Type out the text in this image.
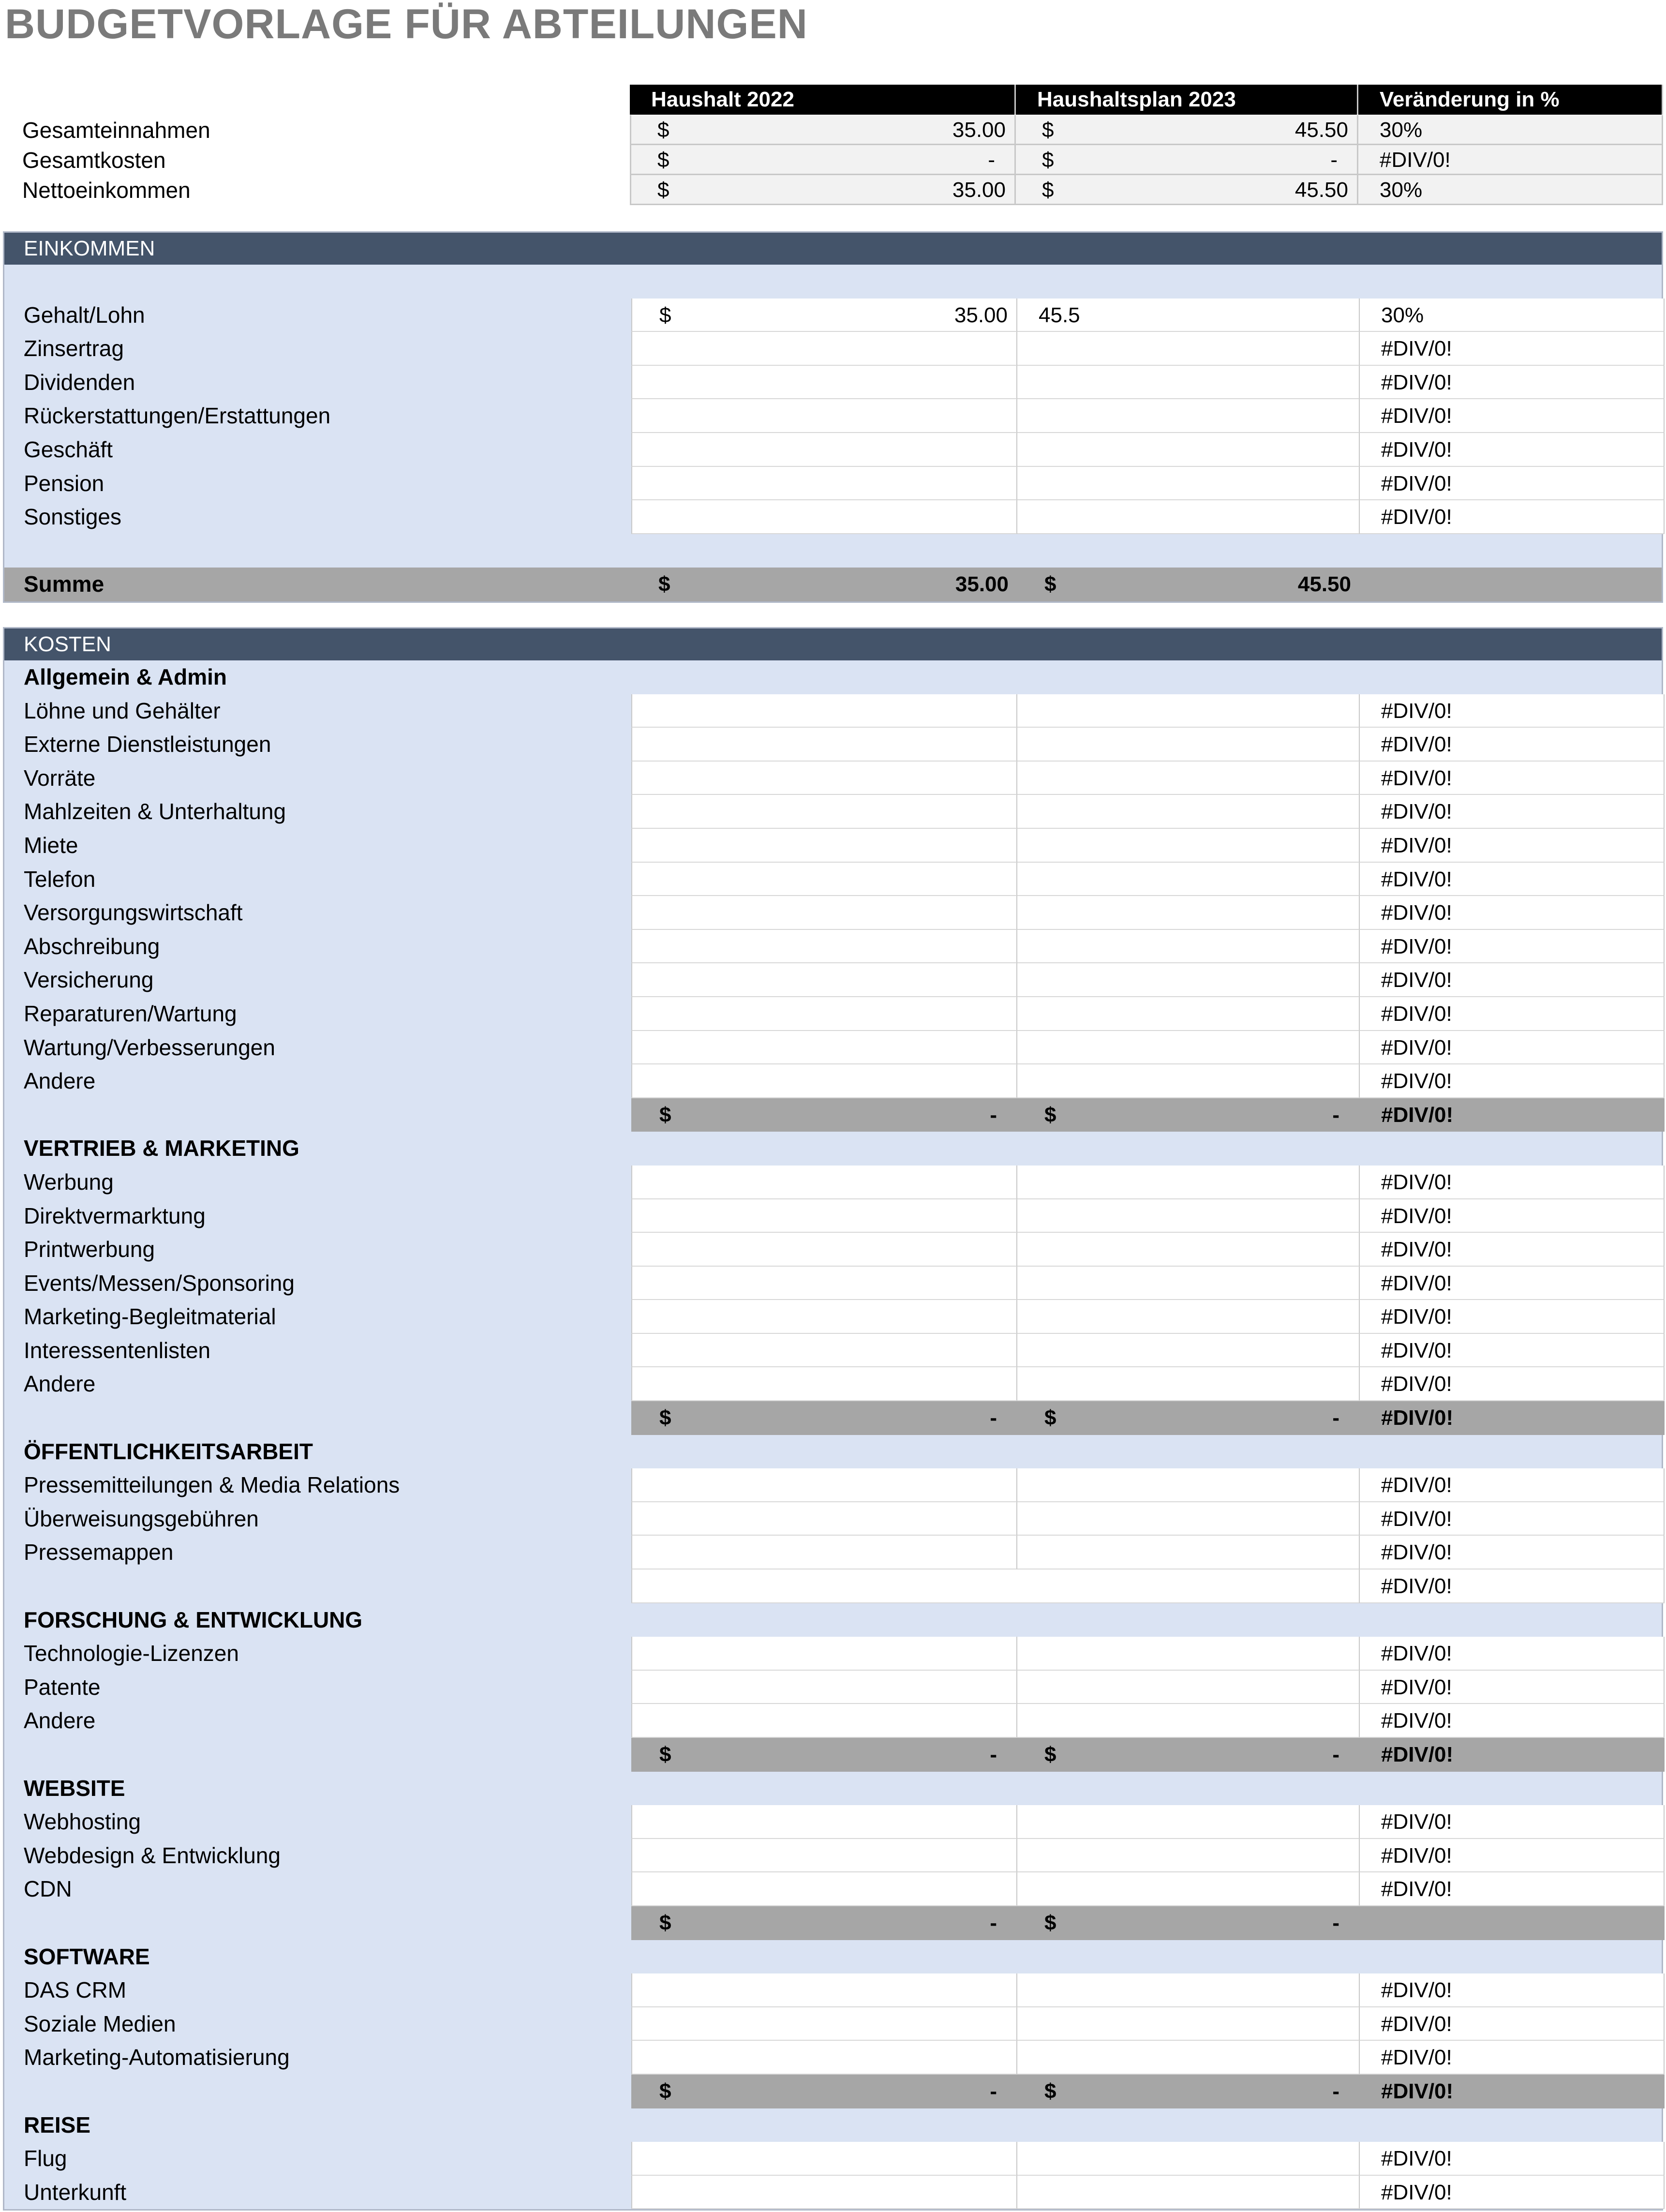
BUDGETVORLAGE FÜR ABTEILUNGEN
Haushalt 2022	Haushaltsplan 2023	Veränderung in %
Gesamteinnahmen	$	35.00 $	45.50 30%
Gesamtkosten	$	- $	- #DIV/0!
Nettoeinkommen	$	35.00 $	45.50 30%
EINKOMMEN
Gehalt/Lohn	$	35.00 45.5	30%
Zinsertrag	#DIV/0!
Dividenden	#DIV/0!
Rückerstattungen/Erstattungen	#DIV/0!
Geschäft	#DIV/0!
Pension	#DIV/0!
Sonstiges	#DIV/0!
Summe	$	35.00 $	45.50
KOSTEN
Allgemein & Admin
Löhne und Gehälter	#DIV/0!
Externe Dienstleistungen	#DIV/0!
Vorräte	#DIV/0!
Mahlzeiten & Unterhaltung	#DIV/0!
Miete	#DIV/0!
Telefon	#DIV/0!
Versorgungswirtschaft	#DIV/0!
Abschreibung	#DIV/0!
Versicherung	#DIV/0!
Reparaturen/Wartung	#DIV/0!
Wartung/Verbesserungen	#DIV/0!
Andere	#DIV/0!
$	- $	- #DIV/0!
VERTRIEB & MARKETING
Werbung	#DIV/0!
Direktvermarktung	#DIV/0!
Printwerbung	#DIV/0!
Events/Messen/Sponsoring	#DIV/0!
Marketing-Begleitmaterial	#DIV/0!
Interessentenlisten	#DIV/0!
Andere	#DIV/0!
$	- $	- #DIV/0!
ÖFFENTLICHKEITSARBEIT
Pressemitteilungen & Media Relations	#DIV/0!
Überweisungsgebühren	#DIV/0!
Pressemappen	#DIV/0!
#DIV/0!
FORSCHUNG & ENTWICKLUNG
Technologie-Lizenzen	#DIV/0!
Patente	#DIV/0!
Andere	#DIV/0!
$	- $	- #DIV/0!
WEBSITE
Webhosting	#DIV/0!
Webdesign & Entwicklung	#DIV/0!
CDN	#DIV/0!
$	- $	-
SOFTWARE
DAS CRM	#DIV/0!
Soziale Medien	#DIV/0!
Marketing-Automatisierung	#DIV/0!
$	- $	- #DIV/0!
REISE
Flug	#DIV/0!
Unterkunft	#DIV/0!
